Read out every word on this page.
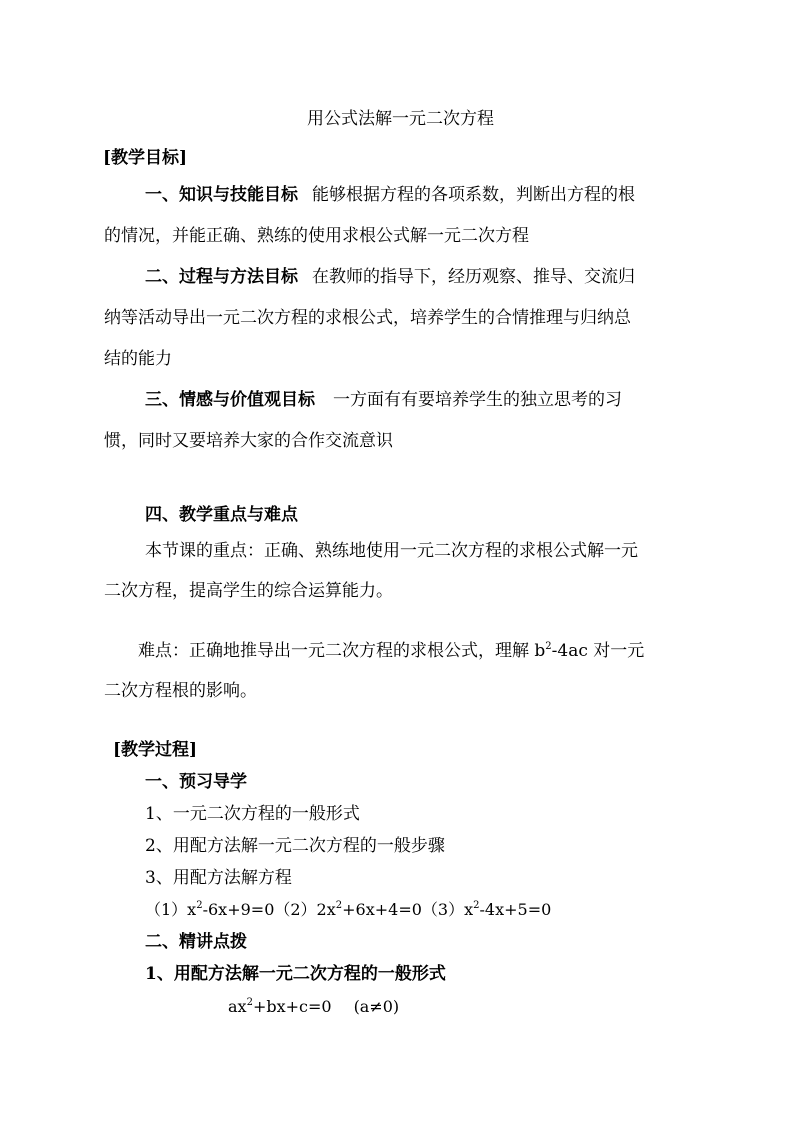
用公式法解一元二次方程
[教学目标]
一、知识与技能目标 能够根据方程的各项系数，判断出方程的根
的情况，并能正确、熟练的使用求根公式解一元二次方程
二、过程与方法目标 在教师的指导下，经历观察、推导、交流归
纳等活动导出一元二次方程的求根公式，培养学生的合情推理与归纳总
结的能力
三、情感与价值观目标 一方面有有要培养学生的独立思考的习
惯，同时又要培养大家的合作交流意识
四、教学重点与难点
本节课的重点：正确、熟练地使用一元二次方程的求根公式解一元
二次方程，提高学生的综合运算能力。
难点：正确地推导出一元二次方程的求根公式，理解 $b^2-4ac$ 对一元
二次方程根的影响。
[教学过程]
一、预习导学
1、一元二次方程的一般形式
2、用配方法解一元二次方程的一般步骤
3、用配方法解方程
$(1)x^2-6x+9=0(2)2x^2+6x+4=0(3)x^2-4x+5=0$
二、精讲点拨
1、用配方法解一元二次方程的一般形式
$ax^2+bx+c=0$ (a≠0)
